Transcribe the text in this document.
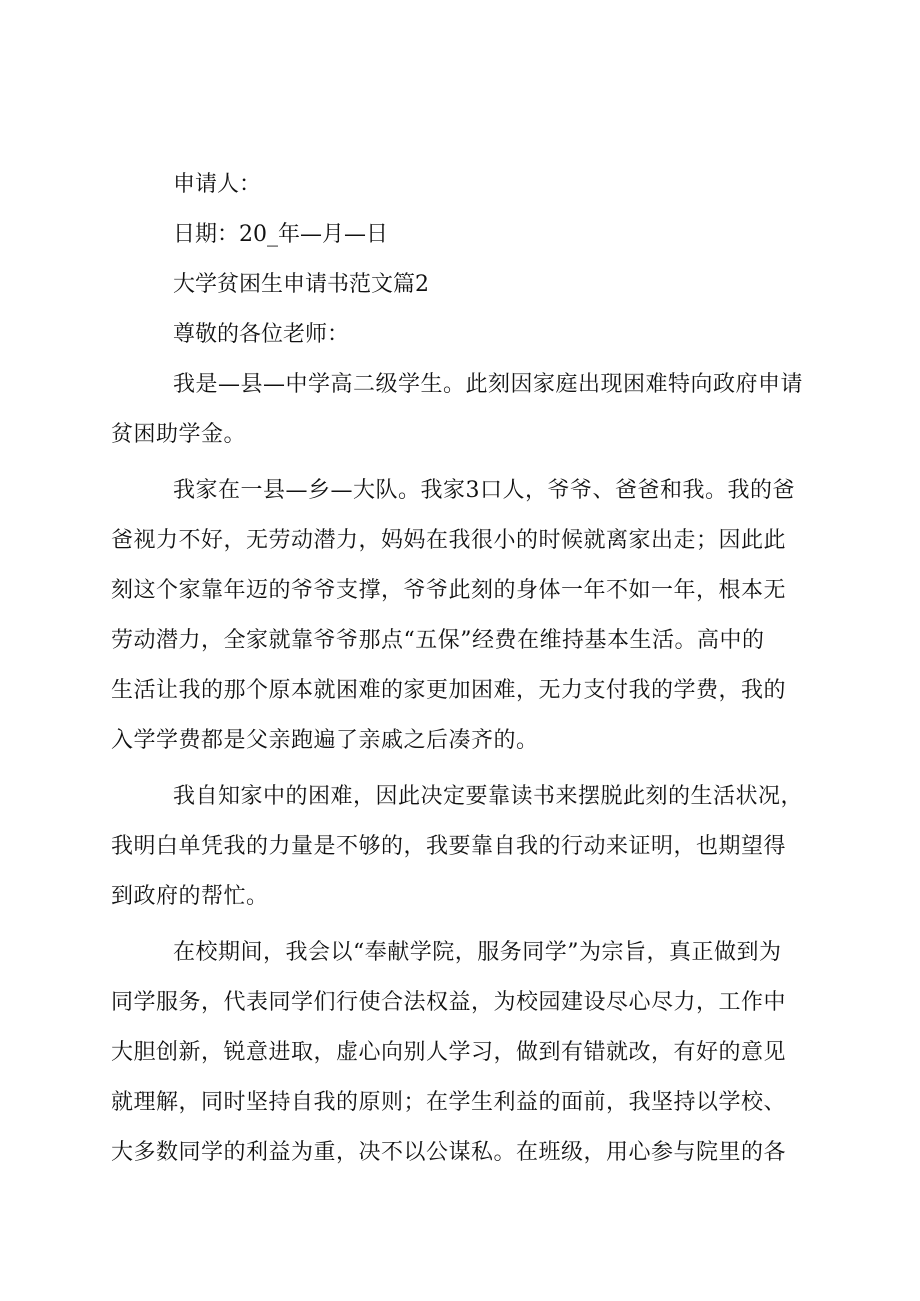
申请人：

日期：20_年—月—日

大学贫困生申请书范文篇2

尊敬的各位老师：

我是—县—中学高二级学生。此刻因家庭出现困难特向政府申请

贫困助学金。

我家在一县—乡—大队。我家3口人，爷爷、爸爸和我。我的爸

爸视力不好，无劳动潜力，妈妈在我很小的时候就离家出走；因此此

刻这个家靠年迈的爷爷支撑，爷爷此刻的身体一年不如一年，根本无

劳动潜力，全家就靠爷爷那点“五保”经费在维持基本生活。高中的

生活让我的那个原本就困难的家更加困难，无力支付我的学费，我的

入学学费都是父亲跑遍了亲戚之后凑齐的。

我自知家中的困难，因此决定要靠读书来摆脱此刻的生活状况，

我明白单凭我的力量是不够的，我要靠自我的行动来证明，也期望得

到政府的帮忙。

在校期间，我会以“奉献学院，服务同学”为宗旨，真正做到为

同学服务，代表同学们行使合法权益，为校园建设尽心尽力，工作中

大胆创新，锐意进取，虚心向别人学习，做到有错就改，有好的意见

就理解，同时坚持自我的原则；在学生利益的面前，我坚持以学校、

大多数同学的利益为重，决不以公谋私。在班级，用心参与院里的各
